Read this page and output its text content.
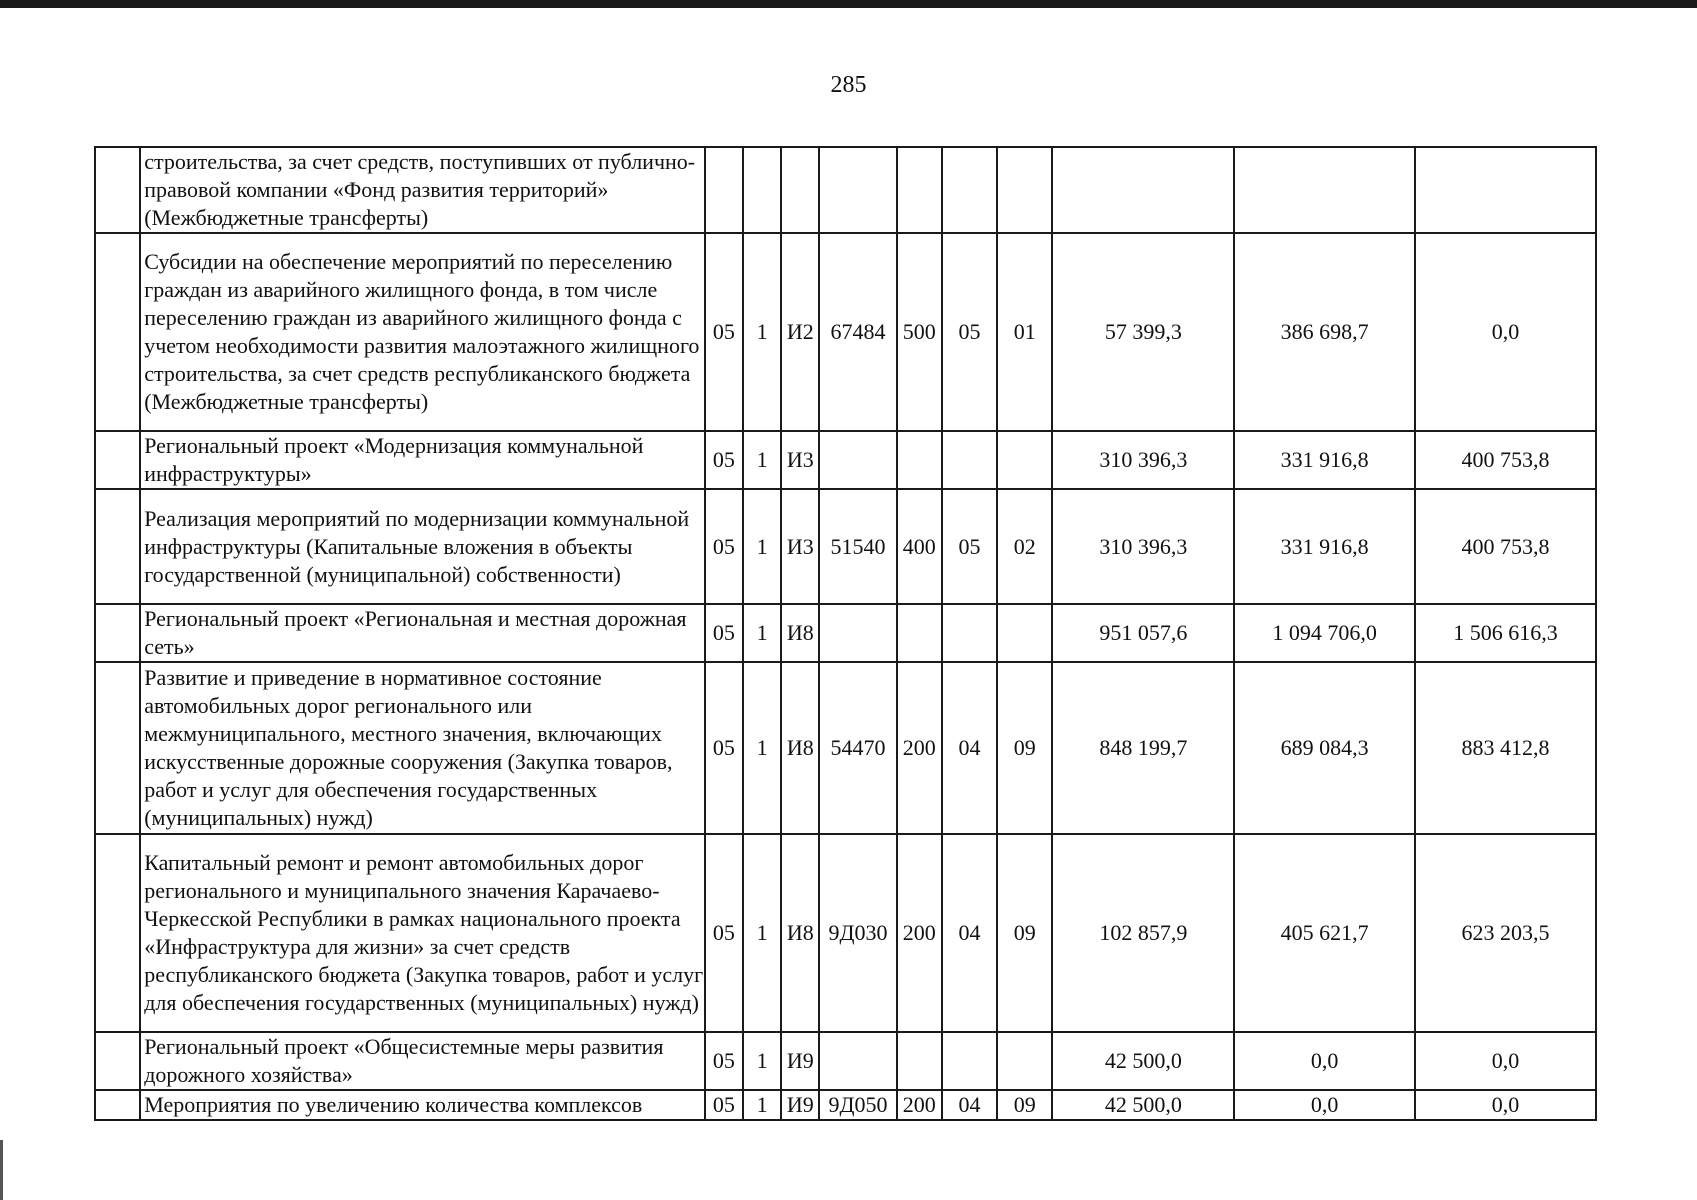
285
	строительства, за счет средств, поступивших от публично-правовой компании «Фонд развития территорий» (Межбюджетные трансферты)										
	Субсидии на обеспечение мероприятий по переселению граждан из аварийного жилищного фонда, в том числе переселению граждан из аварийного жилищного фонда с учетом необходимости развития малоэтажного жилищного строительства, за счет средств республиканского бюджета (Межбюджетные трансферты)	05	1	И2	67484	500	05	01	57 399,3	386 698,7	0,0
	Региональный проект «Модернизация коммунальной инфраструктуры»	05	1	И3					310 396,3	331 916,8	400 753,8
	Реализация мероприятий по модернизации коммунальной инфраструктуры (Капитальные вложения в объекты государственной (муниципальной) собственности)	05	1	И3	51540	400	05	02	310 396,3	331 916,8	400 753,8
	Региональный проект «Региональная и местная дорожная сеть»	05	1	И8					951 057,6	1 094 706,0	1 506 616,3
	Развитие и приведение в нормативное состояние автомобильных дорог регионального или межмуниципального, местного значения, включающих искусственные дорожные сооружения (Закупка товаров, работ и услуг для обеспечения государственных (муниципальных) нужд)	05	1	И8	54470	200	04	09	848 199,7	689 084,3	883 412,8
	Капитальный ремонт и ремонт автомобильных дорог регионального и муниципального значения Карачаево-Черкесской Республики в рамках национального проекта «Инфраструктура для жизни» за счет средств республиканского бюджета (Закупка товаров, работ и услуг для обеспечения государственных (муниципальных) нужд)	05	1	И8	9Д030	200	04	09	102 857,9	405 621,7	623 203,5
	Региональный проект «Общесистемные меры развития дорожного хозяйства»	05	1	И9					42 500,0	0,0	0,0
	Мероприятия по увеличению количества комплексов	05	1	И9	9Д050	200	04	09	42 500,0	0,0	0,0
